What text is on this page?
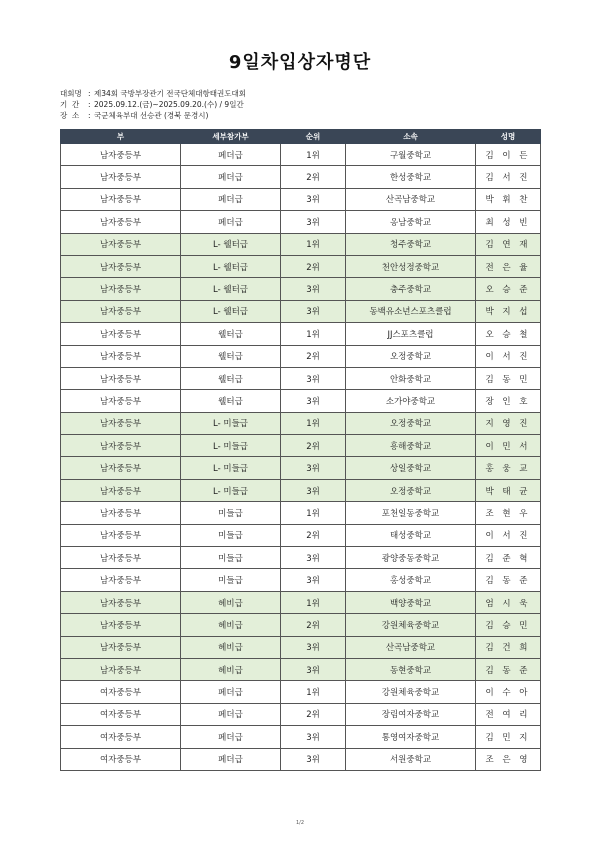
9일차입상자명단
대회명 : 제34회 국방부장관기 전국단체대항태권도대회
기  간	: 2025.09.12.(금)~2025.09.20.(수) / 9일간
장  소	: 국군체육부대 선승관 (경북 문경시)
부	세부참가부	순위	소속	성명
남자중등부	페더급	1위	구월중학교	김 이 든
남자중등부	페더급	2위	한성중학교	김 서 진
남자중등부	페더급	3위	산곡남중학교	박 휘 찬
남자중등부	페더급	3위	옹남중학교	최 성 빈
남자중등부	L- 웰터급	1위	청주중학교	김 연 재
남자중등부	L- 웰터급	2위	천안성정중학교	전 은 율
남자중등부	L- 웰터급	3위	충주중학교	오 승 준
남자중등부	L- 웰터급	3위	동백유소년스포츠클럽	박 지 섭
남자중등부	웰터급	1위	JJ스포츠클럽	오 승 철
남자중등부	웰터급	2위	오정중학교	이 서 진
남자중등부	웰터급	3위	안화중학교	김 동 민
남자중등부	웰터급	3위	소가야중학교	장 인 호
남자중등부	L- 미들급	1위	오정중학교	지 영 진
남자중등부	L- 미들급	2위	흥해중학교	이 민 서
남자중등부	L- 미들급	3위	상일중학교	홍 웅 교
남자중등부	L- 미들급	3위	오정중학교	박 태 균
남자중등부	미들급	1위	포천일동중학교	조 현 우
남자중등부	미들급	2위	태성중학교	이 서 진
남자중등부	미들급	3위	광양중동중학교	김 준 혁
남자중등부	미들급	3위	홍성중학교	김 동 준
남자중등부	헤비급	1위	백양중학교	엄 시 욱
남자중등부	헤비급	2위	강원체육중학교	김 승 민
남자중등부	헤비급	3위	산곡남중학교	김 건 희
남자중등부	헤비급	3위	동현중학교	김 동 준
여자중등부	페더급	1위	강원체육중학교	이 수 아
여자중등부	페더급	2위	장림여자중학교	전 여 리
여자중등부	페더급	3위	통영여자중학교	김 민 지
여자중등부	페더급	3위	서원중학교	조 은 영
1/2
